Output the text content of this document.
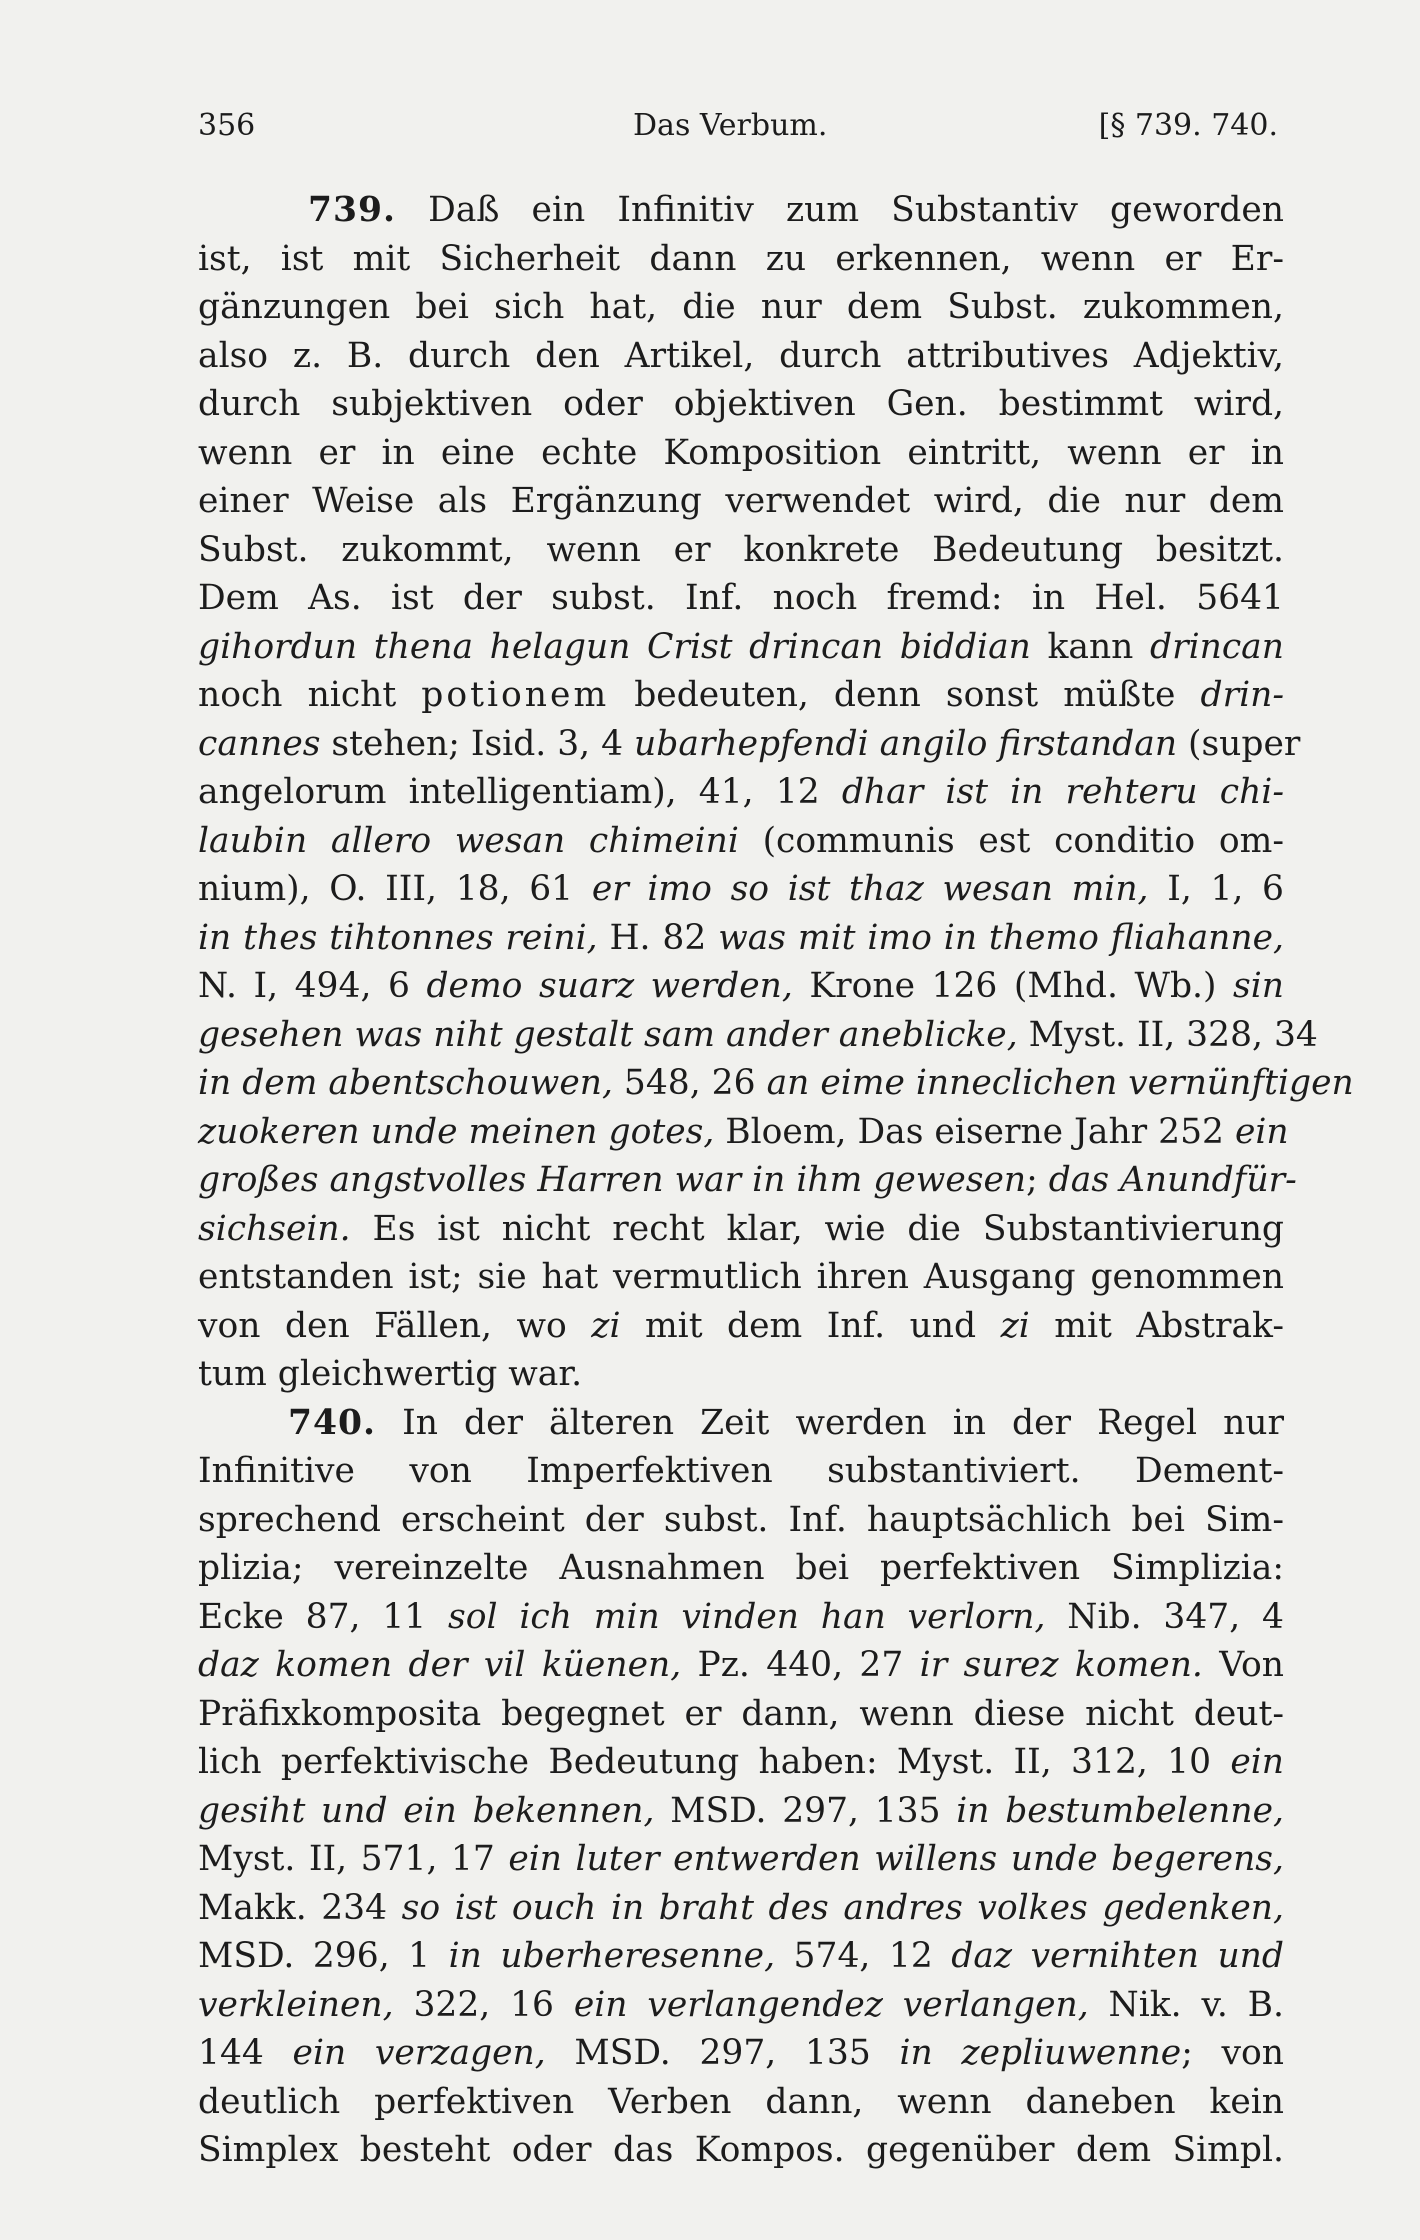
356	Das Verbum.	[§ 739. 740.
739. Daß ein Infinitiv zum Substantiv geworden
ist, ist mit Sicherheit dann zu erkennen, wenn er Er-
gänzungen bei sich hat, die nur dem Subst. zukommen,
also z. B. durch den Artikel, durch attributives Adjektiv,
durch subjektiven oder objektiven Gen. bestimmt wird,
wenn er in eine echte Komposition eintritt, wenn er in
einer Weise als Ergänzung verwendet wird, die nur dem
Subst. zukommt, wenn er konkrete Bedeutung besitzt.
Dem As. ist der subst. Inf. noch fremd: in Hel. 5641
gihordun thena helagun Crist drincan biddian kann drincan
noch nicht potionem bedeuten, denn sonst müßte drin-
cannes stehen; Isid. 3, 4 ubarhepfendi angilo firstandan (super
angelorum intelligentiam), 41, 12 dhar ist in rehteru chi-
laubin allero wesan chimeini (communis est conditio om-
nium), O. III, 18, 61 er imo so ist thaz wesan min, I, 1, 6
in thes tihtonnes reini, H. 82 was mit imo in themo fliahanne,
N. I, 494, 6 demo suarz werden, Krone 126 (Mhd. Wb.) sin
gesehen was niht gestalt sam ander aneblicke, Myst. II, 328, 34
in dem abentschouwen, 548, 26 an eime inneclichen vernünftigen
zuokeren unde meinen gotes, Bloem, Das eiserne Jahr 252 ein
großes angstvolles Harren war in ihm gewesen; das Anundfür-
sichsein. Es ist nicht recht klar, wie die Substantivierung
entstanden ist; sie hat vermutlich ihren Ausgang genommen
von den Fällen, wo zi mit dem Inf. und zi mit Abstrak-
tum gleichwertig war.
740. In der älteren Zeit werden in der Regel nur
Infinitive von Imperfektiven substantiviert. Dement-
sprechend erscheint der subst. Inf. hauptsächlich bei Sim-
plizia; vereinzelte Ausnahmen bei perfektiven Simplizia:
Ecke 87, 11 sol ich min vinden han verlorn, Nib. 347, 4
daz komen der vil küenen, Pz. 440, 27 ir surez komen. Von
Präfixkomposita begegnet er dann, wenn diese nicht deut-
lich perfektivische Bedeutung haben: Myst. II, 312, 10 ein
gesiht und ein bekennen, MSD. 297, 135 in bestumbelenne,
Myst. II, 571, 17 ein luter entwerden willens unde begerens,
Makk. 234 so ist ouch in braht des andres volkes gedenken,
MSD. 296, 1 in uberheresenne, 574, 12 daz vernihten und
verkleinen, 322, 16 ein verlangendez verlangen, Nik. v. B.
144 ein verzagen, MSD. 297, 135 in zepliuwenne; von
deutlich perfektiven Verben dann, wenn daneben kein
Simplex besteht oder das Kompos. gegenüber dem Simpl.
